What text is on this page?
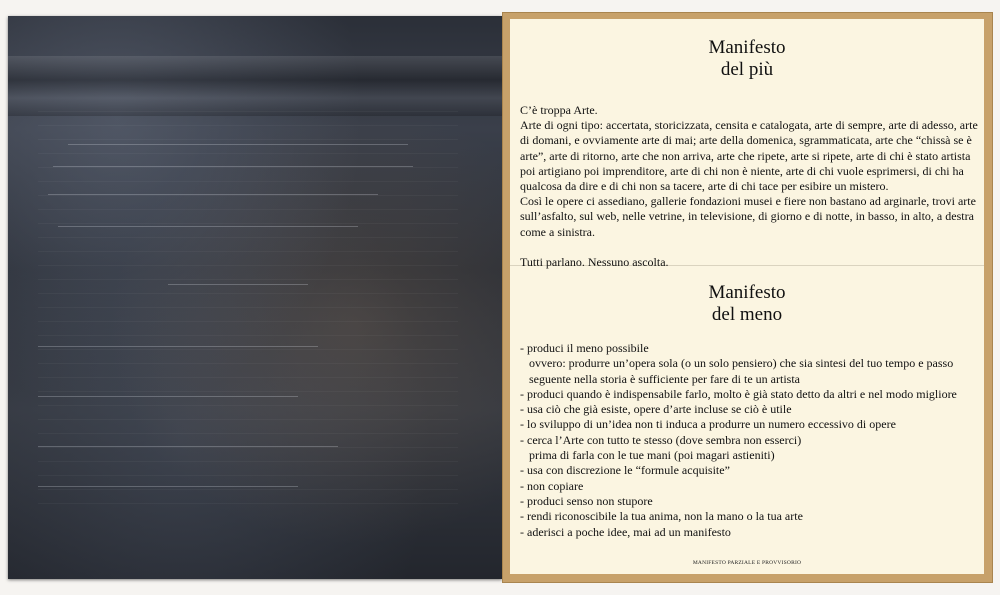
Manifesto
del più

C’è troppa Arte.

Arte di ogni tipo: accertata, storicizzata, censita e catalogata, arte di sempre, arte di adesso, arte

di domani, e ovviamente arte di mai; arte della domenica, sgrammaticata, arte che “chissà se è

arte”, arte di ritorno, arte che non arriva, arte che ripete, arte si ripete, arte di chi è stato artista

poi artigiano poi imprenditore, arte di chi non è niente, arte di chi vuole esprimersi, di chi ha

qualcosa da dire e di chi non sa tacere, arte di chi tace per esibire un mistero.

Così le opere ci assediano, gallerie fondazioni musei e fiere non bastano ad arginarle, trovi arte

sull’asfalto, sul web, nelle vetrine, in televisione, di giorno e di notte, in basso, in alto, a destra

come a sinistra.

Tutti parlano. Nessuno ascolta.

Manifesto
del meno
- produci il meno possibile
ovvero: produrre un’opera sola (o un solo pensiero) che sia sintesi del tuo tempo e passo
seguente nella storia è sufficiente per fare di te un artista
- produci quando è indispensabile farlo, molto è già stato detto da altri e nel modo migliore
- usa ciò che già esiste, opere d’arte incluse se ciò è utile
- lo sviluppo di un’idea non ti induca a produrre un numero eccessivo di opere
- cerca l’Arte con tutto te stesso (dove sembra non esserci)
prima di farla con le tue mani (poi magari astieniti)
- usa con discrezione le “formule acquisite”
- non copiare
- produci senso non stupore
- rendi riconoscibile la tua anima, non la mano o la tua arte
- aderisci a poche idee, mai ad un manifesto
MANIFESTO PARZIALE E PROVVISORIO
